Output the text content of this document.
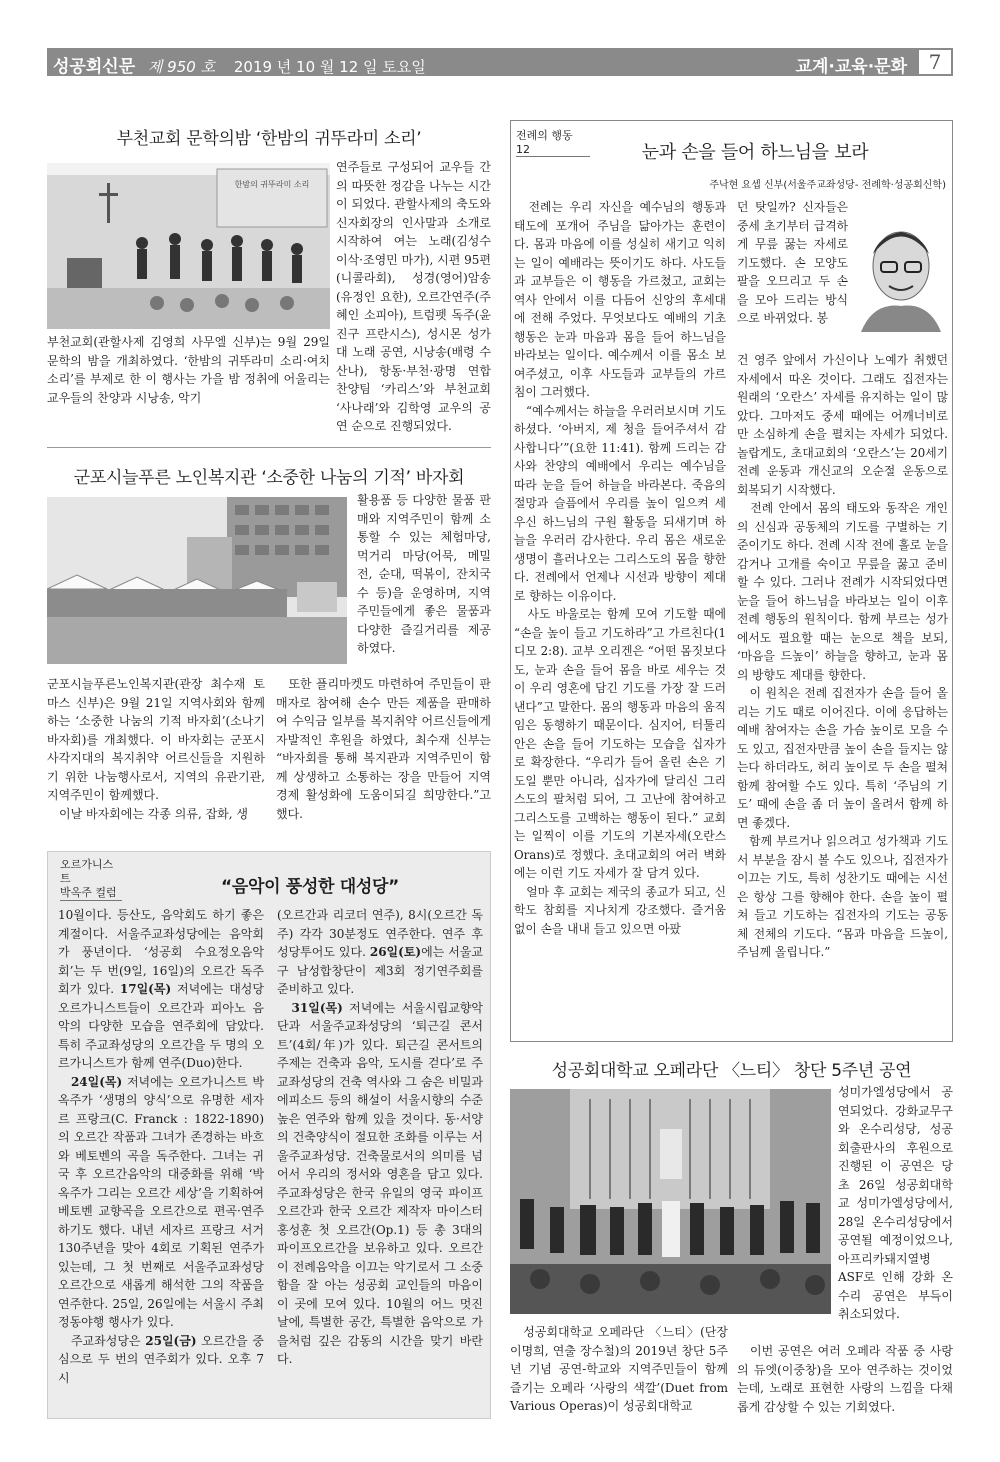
성공회신문 제 950 호 2019 년 10 월 12 일 토요일	교계·교육·문화	7
부천교회 문학의밤 ‘한밤의 귀뚜라미 소리’
한밤의 귀뚜라미 소리
부천교회(관할사제 김영희 사무엘 신부)는 9월 29일 문학의 밤을 개최하였다. ‘한밤의 귀뚜라미 소리·여치 소리’를 부제로 한 이 행사는 가을 밤 정취에 어울리는 교우들의 찬양과 시낭송, 악기
연주들로 구성되어 교우들 간의 따뜻한 정감을 나누는 시간이 되었다. 관할사제의 축도와 신자회장의 인사말과 소개로 시작하여 여는 노래(김성수 이삭·조영민 마가), 시편 95편(니콜라회), 성경(영어)암송(유정인 요한), 오르간연주(주혜인 소피아), 트럼펫 독주(윤진구 프란시스), 성시몬 성가대 노래 공연, 시낭송(배령 수산나), 항동·부천·광명 연합 찬양팀 ‘카리스’와 부천교회 ‘사나래’와 김학영 교우의 공연 순으로 진행되었다.
군포시늘푸른 노인복지관 ‘소중한 나눔의 기적’ 바자회
활용품 등 다양한 물품 판매와 지역주민이 함께 소통할 수 있는 체험마당, 먹거리 마당(어묵, 메밀전, 순대, 떡볶이, 잔치국수 등)을 운영하며, 지역주민들에게 좋은 물품과 다양한 즐길거리를 제공하였다.
군포시늘푸른노인복지관(관장 최수재 토마스 신부)은 9월 21일 지역사회와 함께하는 ‘소중한 나눔의 기적 바자회’(소나기 바자회)를 개최했다. 이 바자회는 군포시 사각지대의 복지취약 어르신들을 지원하기 위한 나눔행사로서, 지역의 유관기관, 지역주민이 함께했다.
　이날 바자회에는 각종 의류, 잡화, 생
　또한 플리마켓도 마련하여 주민들이 판매자로 참여해 손수 만든 제품을 판매하여 수익금 일부를 복지취약 어르신들에게 자발적인 후원을 하였다, 최수재 신부는 “바자회를 통해 복지관과 지역주민이 함께 상생하고 소통하는 장을 만들어 지역경제 활성화에 도움이되길 희망한다.”고 했다.
오르가니스트
박옥주 컬럼	“음악이 풍성한 대성당”
10월이다. 등산도, 음악회도 하기 좋은 계절이다. 서울주교좌성당에는 음악회가 풍년이다. ‘성공회 수요정오음악회’는 두 번(9일, 16일)의 오르간 독주회가 있다. 17일(목) 저녁에는 대성당 오르가니스트들이 오르간과 피아노 음악의 다양한 모습을 연주회에 담았다. 특히 주교좌성당의 오르간을 두 명의 오르가니스트가 함께 연주(Duo)한다.
　24일(목) 저녁에는 오르가니스트 박옥주가 ‘생명의 양식’으로 유명한 세자르 프랑크(C. Franck : 1822-1890)의 오르간 작품과 그녀가 존경하는 바흐와 베토벤의 곡을 독주한다. 그녀는 귀국 후 오르간음악의 대중화를 위해 ‘박옥주가 그리는 오르간 세상’을 기획하여 베토벤 교향곡을 오르간으로 편곡·연주하기도 했다. 내년 세자르 프랑크 서거 130주년을 맞아 4회로 기획된 연주가 있는데, 그 첫 번째로 서울주교좌성당 오르간으로 새롭게 해석한 그의 작품을 연주한다. 25일, 26일에는 서울시 주최 정동야행 행사가 있다.
　주교좌성당은 25일(금) 오르간을 중심으로 두 번의 연주회가 있다. 오후 7시
(오르간과 리코더 연주), 8시(오르간 독주) 각각 30분정도 연주한다. 연주 후 성당투어도 있다. 26일(토)에는 서울교구 남성합창단이 제3회 정기연주회를 준비하고 있다.
　31일(목) 저녁에는 서울시립교향악단과 서울주교좌성당의 ‘퇴근길 콘서트’(4회/年)가 있다. 퇴근길 콘서트의 주제는 건축과 음악, 도시를 걷다’로 주교좌성당의 건축 역사와 그 숨은 비밀과 에피소드 등의 해설이 서울시향의 수준 높은 연주와 함께 있을 것이다. 동·서양의 건축양식이 절묘한 조화를 이루는 서울주교좌성당. 건축물로서의 의미를 넘어서 우리의 정서와 영혼을 담고 있다. 주교좌성당은 한국 유일의 영국 파이프오르간과 한국 오르간 제작자 마이스터 홍성훈 첫 오르간(Op.1) 등 총 3대의 파이프오르간을 보유하고 있다. 오르간이 전례음악을 이끄는 악기로서 그 소중함을 잘 아는 성공회 교인들의 마음이 이 곳에 모여 있다. 10월의 어느 멋진 날에, 특별한 공간, 특별한 음악으로 가을처럼 깊은 감동의 시간을 맞기 바란다.
전례의 행동 12	눈과 손을 들어 하느님을 보라
주낙현 요셉 신부(서울주교좌성당- 전례학·성공회신학)
　전례는 우리 자신을 예수님의 행동과 태도에 포개어 주님을 닮아가는 훈련이다. 몸과 마음에 이를 성실히 새기고 익히는 일이 예배라는 뜻이기도 하다. 사도들과 교부들은 이 행동을 가르쳤고, 교회는 역사 안에서 이를 다듬어 신앙의 후세대에 전해 주었다. 무엇보다도 예배의 기초 행동은 눈과 마음과 몸을 들어 하느님을 바라보는 일이다. 예수께서 이를 몸소 보여주셨고, 이후 사도들과 교부들의 가르침이 그러했다.
　“예수께서는 하늘을 우러러보시며 기도하셨다. ‘아버지, 제 청을 들어주셔서 감사합니다’”(요한 11:41). 함께 드리는 감사와 찬양의 예배에서 우리는 예수님을 따라 눈을 들어 하늘을 바라본다. 죽음의 절망과 슬픔에서 우리를 높이 일으켜 세우신 하느님의 구원 활동을 되새기며 하늘을 우러러 감사한다. 우리 몸은 새로운 생명이 흘러나오는 그리스도의 몸을 향한다. 전례에서 언제나 시선과 방향이 제대로 향하는 이유이다.
　사도 바울로는 함께 모여 기도할 때에 “손을 높이 들고 기도하라”고 가르친다(1디모 2:8). 교부 오리겐은 “어떤 몸짓보다도, 눈과 손을 들어 몸을 바로 세우는 것이 우리 영혼에 담긴 기도를 가장 잘 드러낸다”고 말한다. 몸의 행동과 마음의 움직임은 동행하기 때문이다. 심지어, 터툴리안은 손을 들어 기도하는 모습을 십자가로 확장한다. “우리가 들어 올린 손은 기도일 뿐만 아니라, 십자가에 달리신 그리스도의 팔처럼 되어, 그 고난에 참여하고 그리스도를 고백하는 행동이 된다.” 교회는 일찍이 이를 기도의 기본자세(오란스 Orans)로 정했다. 초대교회의 여러 벽화에는 이런 기도 자세가 잘 담겨 있다.
　얼마 후 교회는 제국의 종교가 되고, 신학도 참회를 지나치게 강조했다. 즐거움 없이 손을 내내 들고 있으면 아팠
던 탓일까? 신자들은 중세 초기부터 급격하게 무릎 꿇는 자세로 기도했다. 손 모양도 팔을 오므리고 두 손을 모아 드리는 방식으로 바뀌었다. 봉
건 영주 앞에서 가신이나 노예가 취했던 자세에서 따온 것이다. 그래도 집전자는 원래의 ‘오란스’ 자세를 유지하는 일이 많았다. 그마저도 중세 때에는 어깨너비로만 소심하게 손을 펼치는 자세가 되었다. 놀랍게도, 초대교회의 ‘오란스’는 20세기 전례 운동과 개신교의 오순절 운동으로 회복되기 시작했다.
　전례 안에서 몸의 태도와 동작은 개인의 신심과 공동체의 기도를 구별하는 기준이기도 하다. 전례 시작 전에 홀로 눈을 감거나 고개를 숙이고 무릎을 꿇고 준비할 수 있다. 그러나 전례가 시작되었다면 눈을 들어 하느님을 바라보는 일이 이후 전례 행동의 원칙이다. 함께 부르는 성가에서도 필요할 때는 눈으로 책을 보되, ‘마음을 드높이’ 하늘을 향하고, 눈과 몸의 방향도 제대를 향한다.
　이 원칙은 전례 집전자가 손을 들어 올리는 기도 때로 이어진다. 이에 응답하는 예배 참여자는 손을 가슴 높이로 모을 수도 있고, 집전자만큼 높이 손을 들지는 않는다 하더라도, 허리 높이로 두 손을 펼쳐 함께 참여할 수도 있다. 특히 ‘주님의 기도’ 때에 손을 좀 더 높이 올려서 함께 하면 좋겠다.
　함께 부르거나 읽으려고 성가책과 기도서 부분을 잠시 볼 수도 있으나, 집전자가 이끄는 기도, 특히 성찬기도 때에는 시선은 항상 그를 향해야 한다. 손을 높이 펼쳐 들고 기도하는 집전자의 기도는 공동체 전체의 기도다. “몸과 마음을 드높이, 주님께 올립니다.”
성공회대학교 오페라단 〈느티〉 창단 5주년 공연
성미가엘성당에서 공연되었다. 강화교무구와 온수리성당, 성공회출판사의 후원으로 진행된 이 공연은 당초 26일 성공회대학교 성미가엘성당에서, 28일 온수리성당에서 공연될 예정이었으나, 아프리카돼지열병 ASF로 인해 강화 온수리 공연은 부득이 취소되었다.
　성공회대학교 오페라단 〈느티〉(단장 이명희, 연출 장수철)의 2019년 창단 5주년 기념 공연-학교와 지역주민들이 함께 즐기는 오페라 ‘사랑의 색깔’(Duet from Various Operas)이 성공회대학교
　이번 공연은 여러 오페라 작품 중 사랑의 듀엣(이중창)을 모아 연주하는 것이었는데, 노래로 표현한 사랑의 느낌을 다채롭게 감상할 수 있는 기회였다.
